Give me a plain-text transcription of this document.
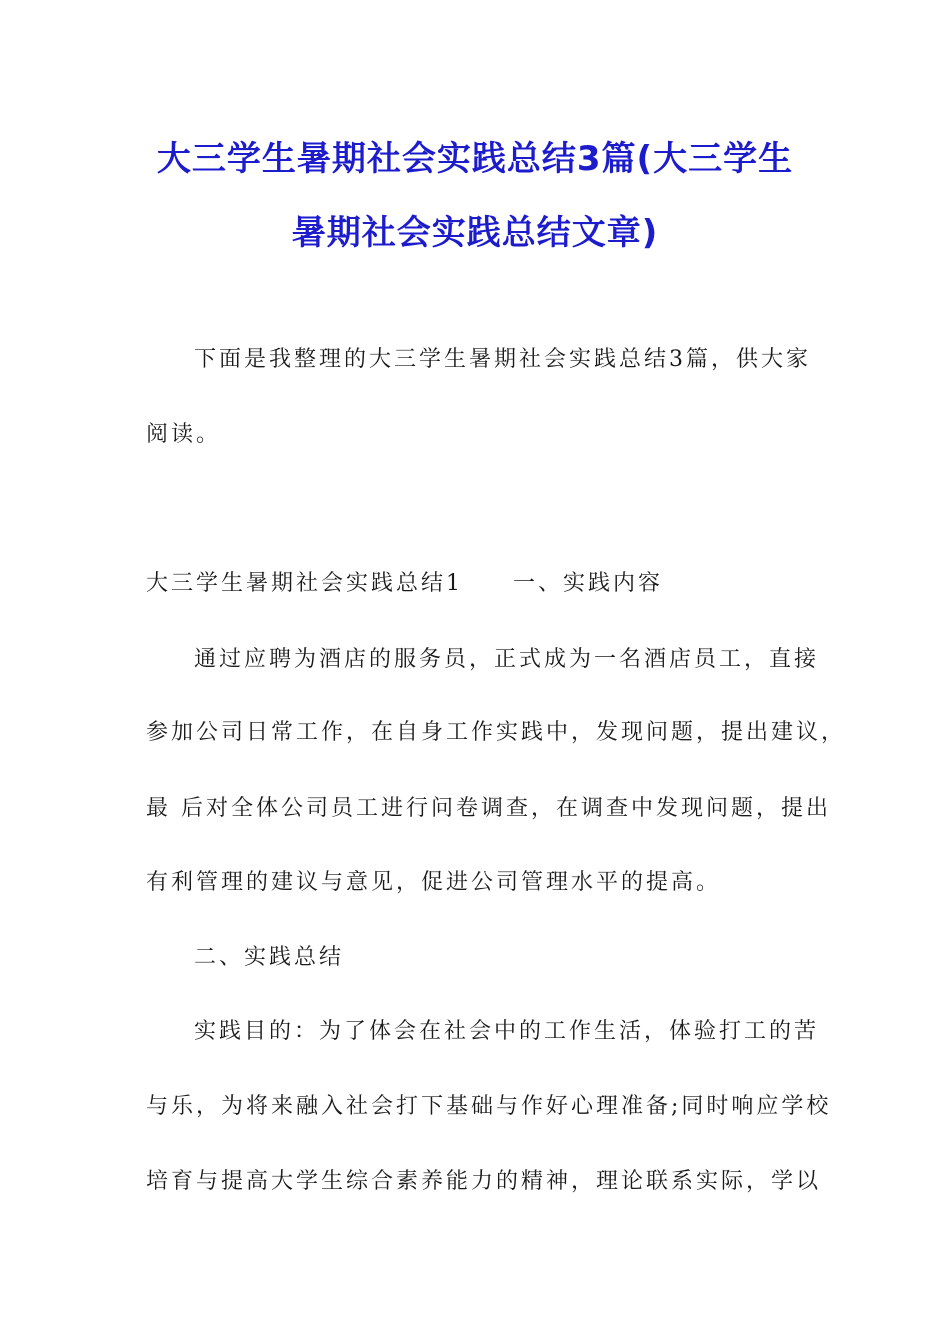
大三学生暑期社会实践总结3篇(大三学生
暑期社会实践总结文章)
下面是我整理的大三学生暑期社会实践总结3篇，供大家
阅读。
大三学生暑期社会实践总结1 一、实践内容
通过应聘为酒店的服务员，正式成为一名酒店员工，直接
参加公司日常工作，在自身工作实践中，发现问题，提出建议，
最 后对全体公司员工进行问卷调查，在调查中发现问题，提出
有利管理的建议与意见，促进公司管理水平的提高。
二、实践总结
实践目的：为了体会在社会中的工作生活，体验打工的苦
与乐，为将来融入社会打下基础与作好心理准备;同时响应学校
培育与提高大学生综合素养能力的精神，理论联系实际，学以
